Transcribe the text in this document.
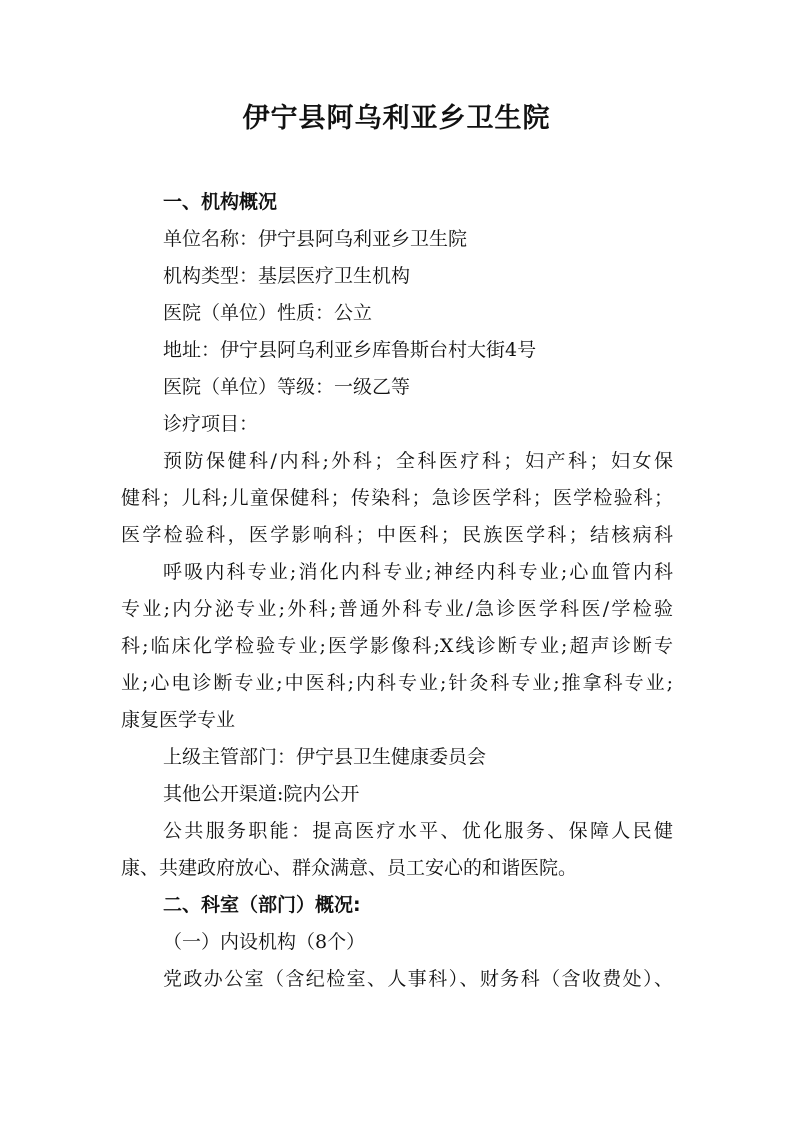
伊宁县阿乌利亚乡卫生院

一、机构概况

单位名称：伊宁县阿乌利亚乡卫生院

机构类型：基层医疗卫生机构

医院（单位）性质：公立

地址：伊宁县阿乌利亚乡库鲁斯台村大街4号

医院（单位）等级：一级乙等

诊疗项目：

预防保健科/内科;外科；全科医疗科；妇产科；妇女保

健科；儿科;儿童保健科；传染科；急诊医学科；医学检验科；

医学检验科，医学影响科；中医科；民族医学科；结核病科

呼吸内科专业;消化内科专业;神经内科专业;心血管内科

专业;内分泌专业;外科;普通外科专业/急诊医学科医/学检验

科;临床化学检验专业;医学影像科;X线诊断专业;超声诊断专

业;心电诊断专业;中医科;内科专业;针灸科专业;推拿科专业;

康复医学专业

上级主管部门：伊宁县卫生健康委员会

其他公开渠道:院内公开

公共服务职能：提高医疗水平、优化服务、保障人民健

康、共建政府放心、群众满意、员工安心的和谐医院。

二、科室（部门）概况:

（一）内设机构（8个）

党政办公室（含纪检室、人事科）、财务科（含收费处）、
